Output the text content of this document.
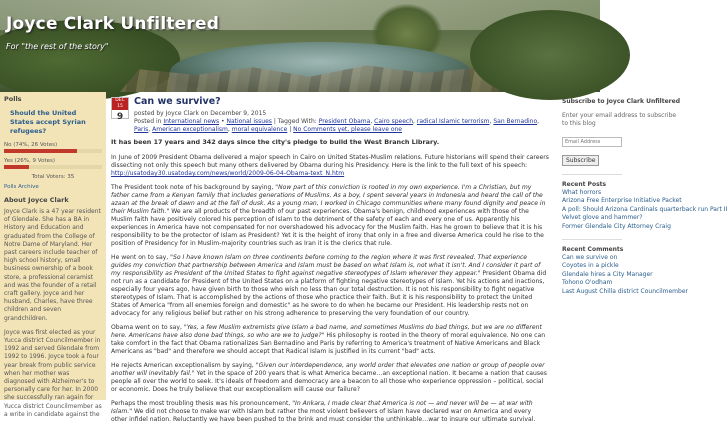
Joyce Clark Unfiltered
For "the rest of the story"
Polls
Should the United States accept Syrian refugees?
No (74%, 26 Votes)
Yes (26%, 9 Votes)
Total Voters: 35
Polls Archive
About Joyce Clark

Joyce Clark is a 47 year resident of Glendale. She has a BA in History and Education and graduated from the College of Notre Dame of Maryland. Her past careers include teacher of high school history, small business ownership of a book store, a professional ceramist and was the founder of a retail craft gallery. Joyce and her husband, Charles, have three children and seven grandchildren.

Joyce was first elected as your Yucca district Councilmember in 1992 and served Glendale from 1992 to 1996. Joyce took a four year break from public service when her mother was diagnosed with Alzheimer's to personally care for her. In 2000 she successfully ran again for Yucca district Councilmember as a write in candidate against the

DEC 15
9
Can we survive?
posted by Joyce Clark on December 9, 2015
Posted in International news • National issues | Tagged With: President Obama, Cairo speech, radical Islamic terrorism, San Bernadino, Paris, American exceptionalism, moral equivalence | No Comments yet, please leave one

It has been 17 years and 342 days since the city's pledge to build the West Branch Library.

In June of 2009 President Obama delivered a major speech in Cairo on United States-Muslim relations. Future historians will spend their careers dissecting not only this speech but many others delivered by Obama during his Presidency. Here is the link to the full text of his speech: http://usatoday30.usatoday.com/news/world/2009-06-04-Obama-text_N.htm

The President took note of his background by saying, "Now part of this conviction is rooted in my own experience. I'm a Christian, but my father came from a Kenyan family that includes generations of Muslims. As a boy, I spent several years in Indonesia and heard the call of the azaan at the break of dawn and at the fall of dusk. As a young man, I worked in Chicago communities where many found dignity and peace in their Muslim faith." We are all products of the breadth of our past experiences. Obama's benign, childhood experiences with those of the Muslim faith have positively colored his perception of Islam to the detriment of the safety of each and every one of us. Apparently his experiences in America have not compensated for nor overshadowed his advocacy for the Muslim faith. Has he grown to believe that it is his responsibility to be the protector of Islam as President? Yet it is the height of irony that only in a free and diverse America could he rise to the position of Presidency for in Muslim-majority countries such as Iran it is the clerics that rule.

He went on to say, "So I have known Islam on three continents before coming to the region where it was first revealed. That experience guides my conviction that partnership between America and Islam must be based on what Islam is, not what it isn't. And I consider it part of my responsibility as President of the United States to fight against negative stereotypes of Islam wherever they appear." President Obama did not run as a candidate for President of the United States on a platform of fighting negative stereotypes of Islam. Yet his actions and inactions, especially four years ago, have given birth to those who wish no less than our total destruction. It is not his responsibility to fight negative stereotypes of Islam. That is accomplished by the actions of those who practice their faith. But it is his responsibility to protect the United States of America "from all enemies foreign and domestic" as he swore to do when he became our President. His leadership rests not on advocacy for any religious belief but rather on his strong adherence to preserving the very foundation of our country.

Obama went on to say, "Yes, a few Muslim extremists give Islam a bad name, and sometimes Muslims do bad things, but we are no different here. Americans have also done bad things, so who are we to judge?" His philosophy is rooted in the theory of moral equivalence. No one can take comfort in the fact that Obama rationalizes San Bernadino and Paris by referring to America's treatment of Native Americans and Black Americans as "bad" and therefore we should accept that Radical Islam is justified in its current "bad" acts.

He rejects American exceptionalism by saying, "Given our interdependence, any world order that elevates one nation or group of people over another will inevitably fail." Yet in the space of 200 years that is what America became…an exceptional nation. It became a nation that causes people all over the world to seek. It's ideals of freedom and democracy are a beacon to all those who experience oppression – political, social or economic. Does he truly believe that our exceptionalism will cause our failure?

Perhaps the most troubling thesis was his pronouncement, "In Ankara, I made clear that America is not — and never will be — at war with Islam." We did not choose to make war with Islam but rather the most violent believers of Islam have declared war on America and every other infidel nation. Reluctantly we have been pushed to the brink and must consider the unthinkable…war to insure our ultimate survival.

Subscribe to Joyce Clark Unfiltered
Enter your email address to subscribe
to this blog
Email Address Subscribe
Recent Posts
What horrors
Arizona Free Enterprise Initiative Packet
A poll: Should Arizona Cardinals quarterback run Part II
Velvet glove and hammer?
Former Glendale City Attorney Craig
Recent Comments
Can we survive on
Coyotes in a pickle
Glendale hires a City Manager
Tohono O'odham
Last August Chilla district Councilmember
